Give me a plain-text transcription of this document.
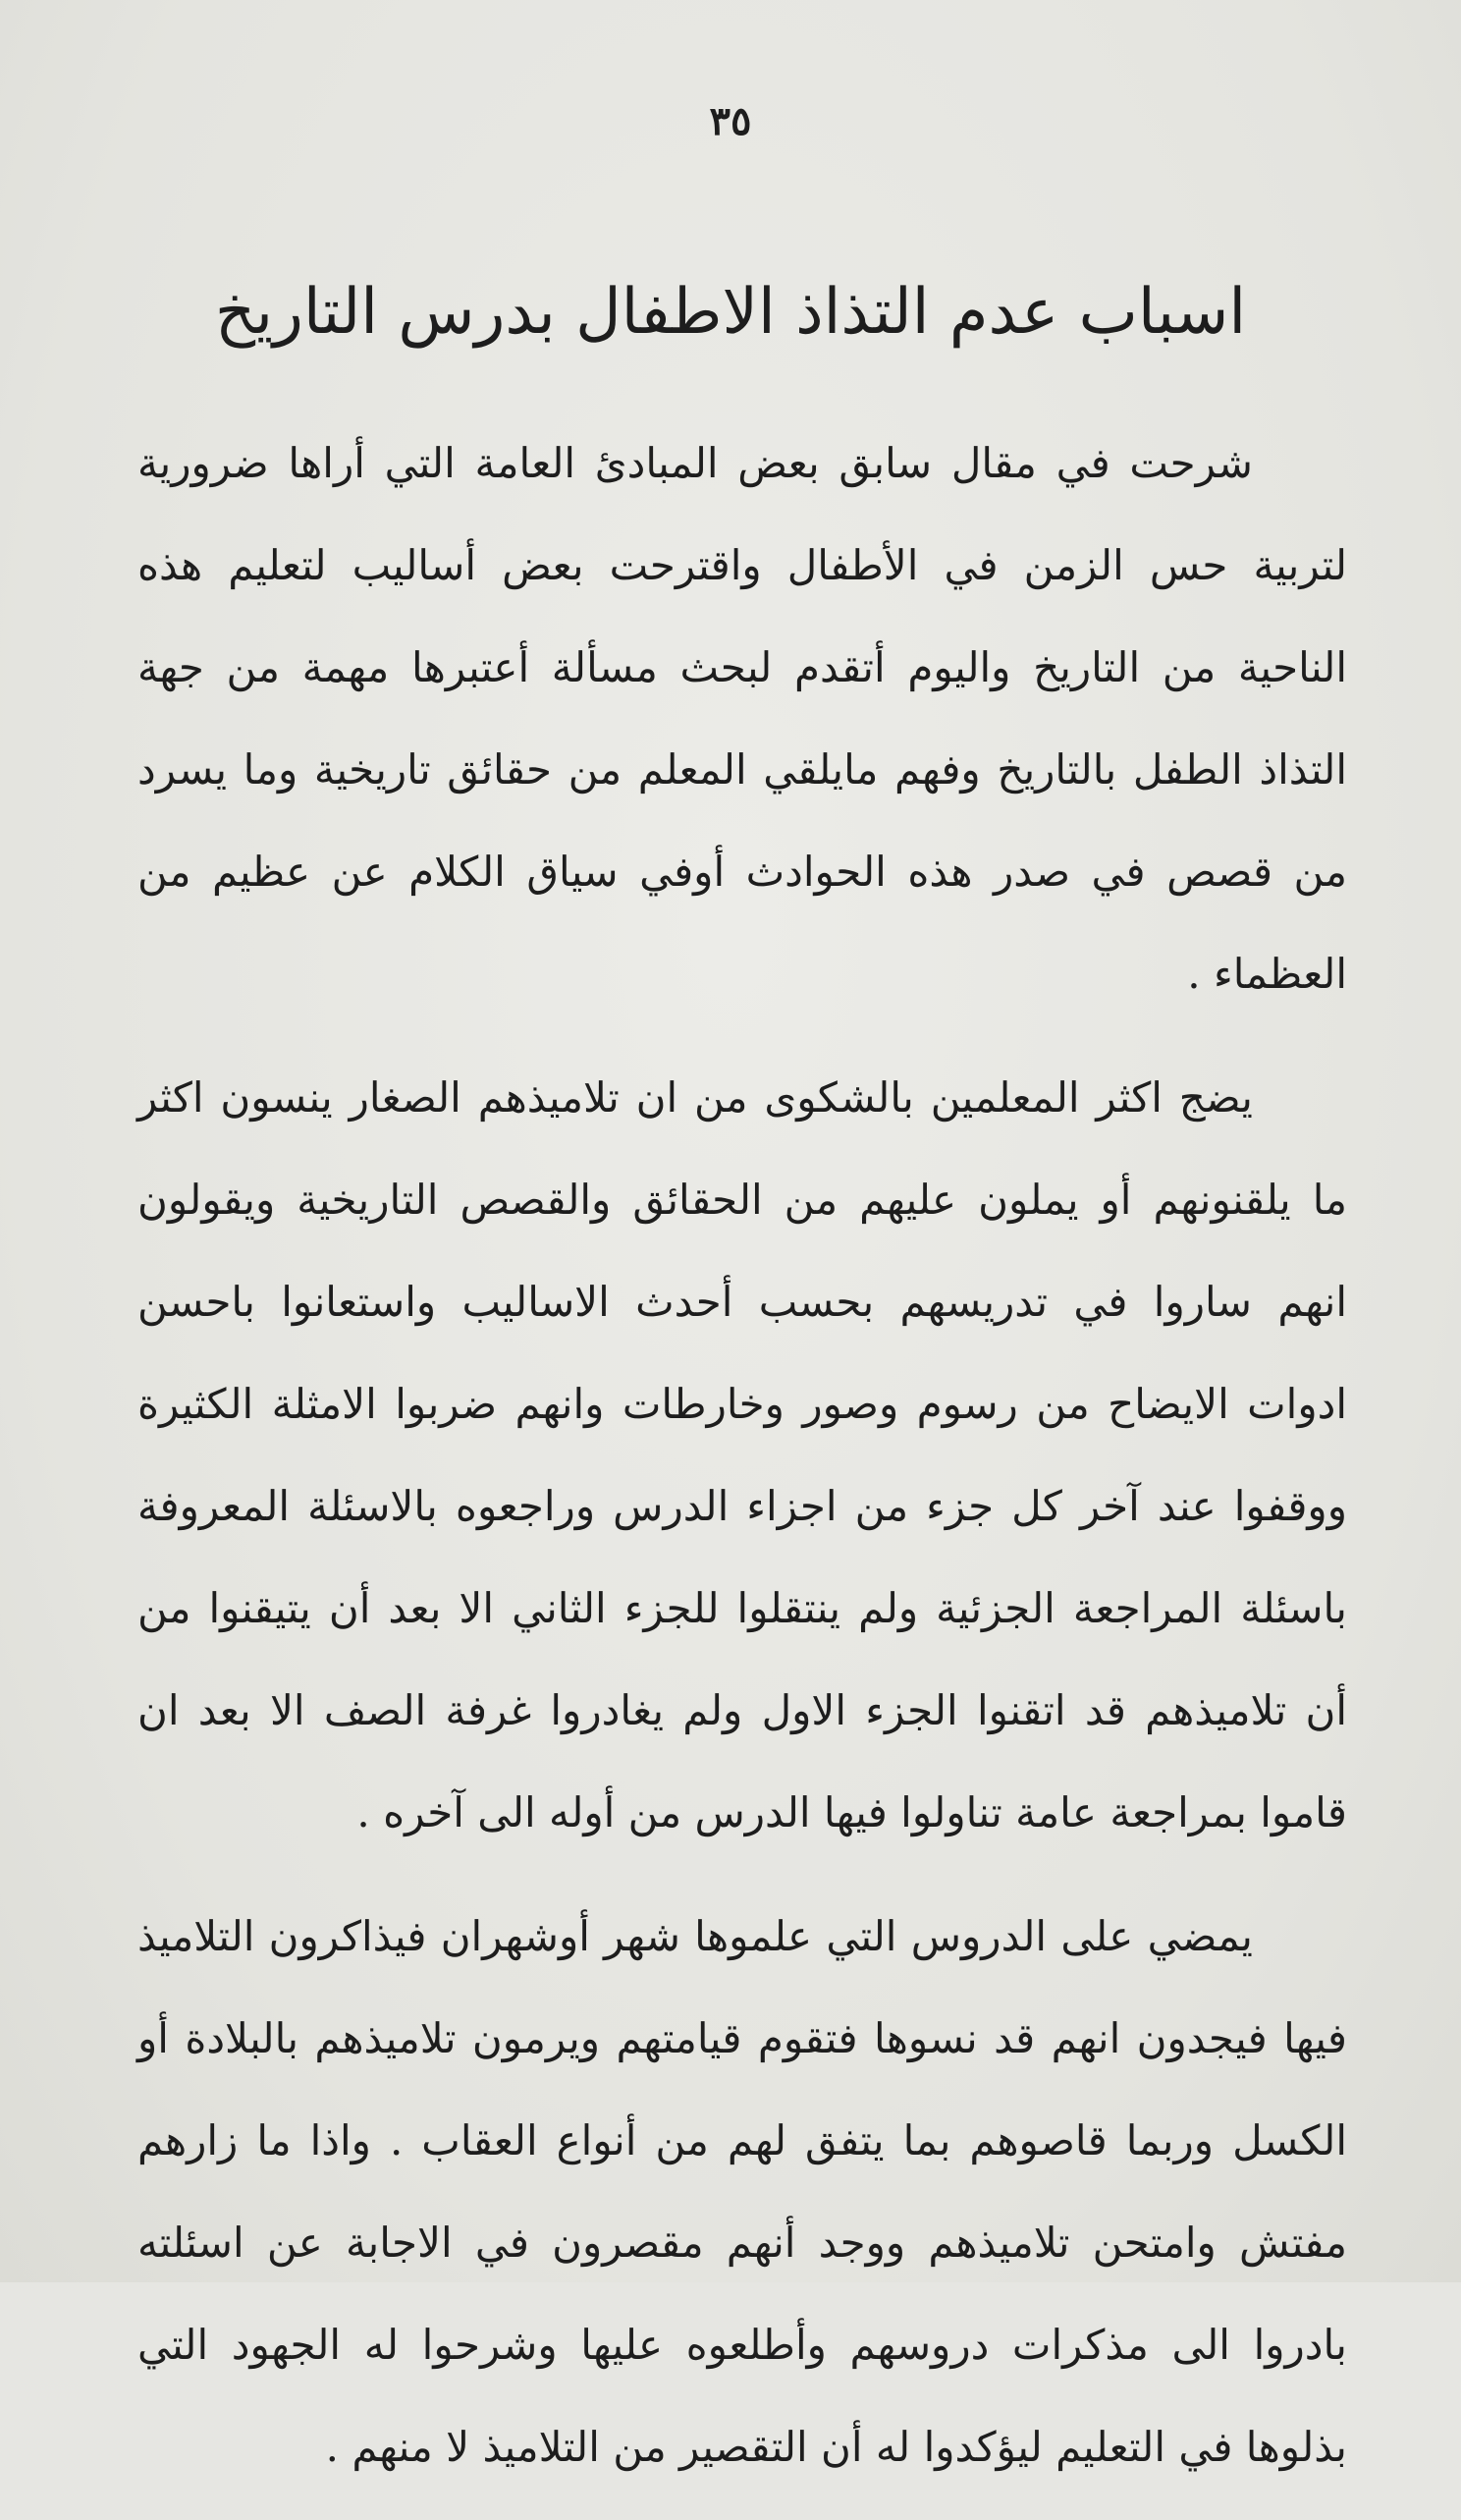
٣٥
اسباب عدم التذاذ الاطفال بدرس التاريخ

شرحت في مقال سابق بعض المبادئ العامة التي أراها ضرورية لتربية حس الزمن في الأطفال واقترحت بعض أساليب لتعليم هذه الناحية من التاريخ واليوم أتقدم لبحث مسألة أعتبرها مهمة من جهة التذاذ الطفل بالتاريخ وفهم مايلقي المعلم من حقائق تاريخية وما يسرد من قصص في صدر هذه الحوادث أوفي سياق الكلام عن عظيم من العظماء .

يضج اكثر المعلمين بالشكوى من ان تلاميذهم الصغار ينسون اكثر ما يلقنونهم أو يملون عليهم من الحقائق والقصص التاريخية ويقولون انهم ساروا في تدريسهم بحسب أحدث الاساليب واستعانوا باحسن ادوات الايضاح من رسوم وصور وخارطات وانهم ضربوا الامثلة الكثيرة ووقفوا عند آخر كل جزء من اجزاء الدرس وراجعوه بالاسئلة المعروفة باسئلة المراجعة الجزئية ولم ينتقلوا للجزء الثاني الا بعد أن يتيقنوا من أن تلاميذهم قد اتقنوا الجزء الاول ولم يغادروا غرفة الصف الا بعد ان قاموا بمراجعة عامة تناولوا فيها الدرس من أوله الى آخره .

يمضي على الدروس التي علموها شهر أوشهران فيذاكرون التلاميذ فيها فيجدون انهم قد نسوها فتقوم قيامتهم ويرمون تلاميذهم بالبلادة أو الكسل وربما قاصوهم بما يتفق لهم من أنواع العقاب . واذا ما زارهم مفتش وامتحن تلاميذهم ووجد أنهم مقصرون في الاجابة عن اسئلته بادروا الى مذكرات دروسهم وأطلعوه عليها وشرحوا له الجهود التي بذلوها في التعليم ليؤكدوا له أن التقصير من التلاميذ لا منهم .
